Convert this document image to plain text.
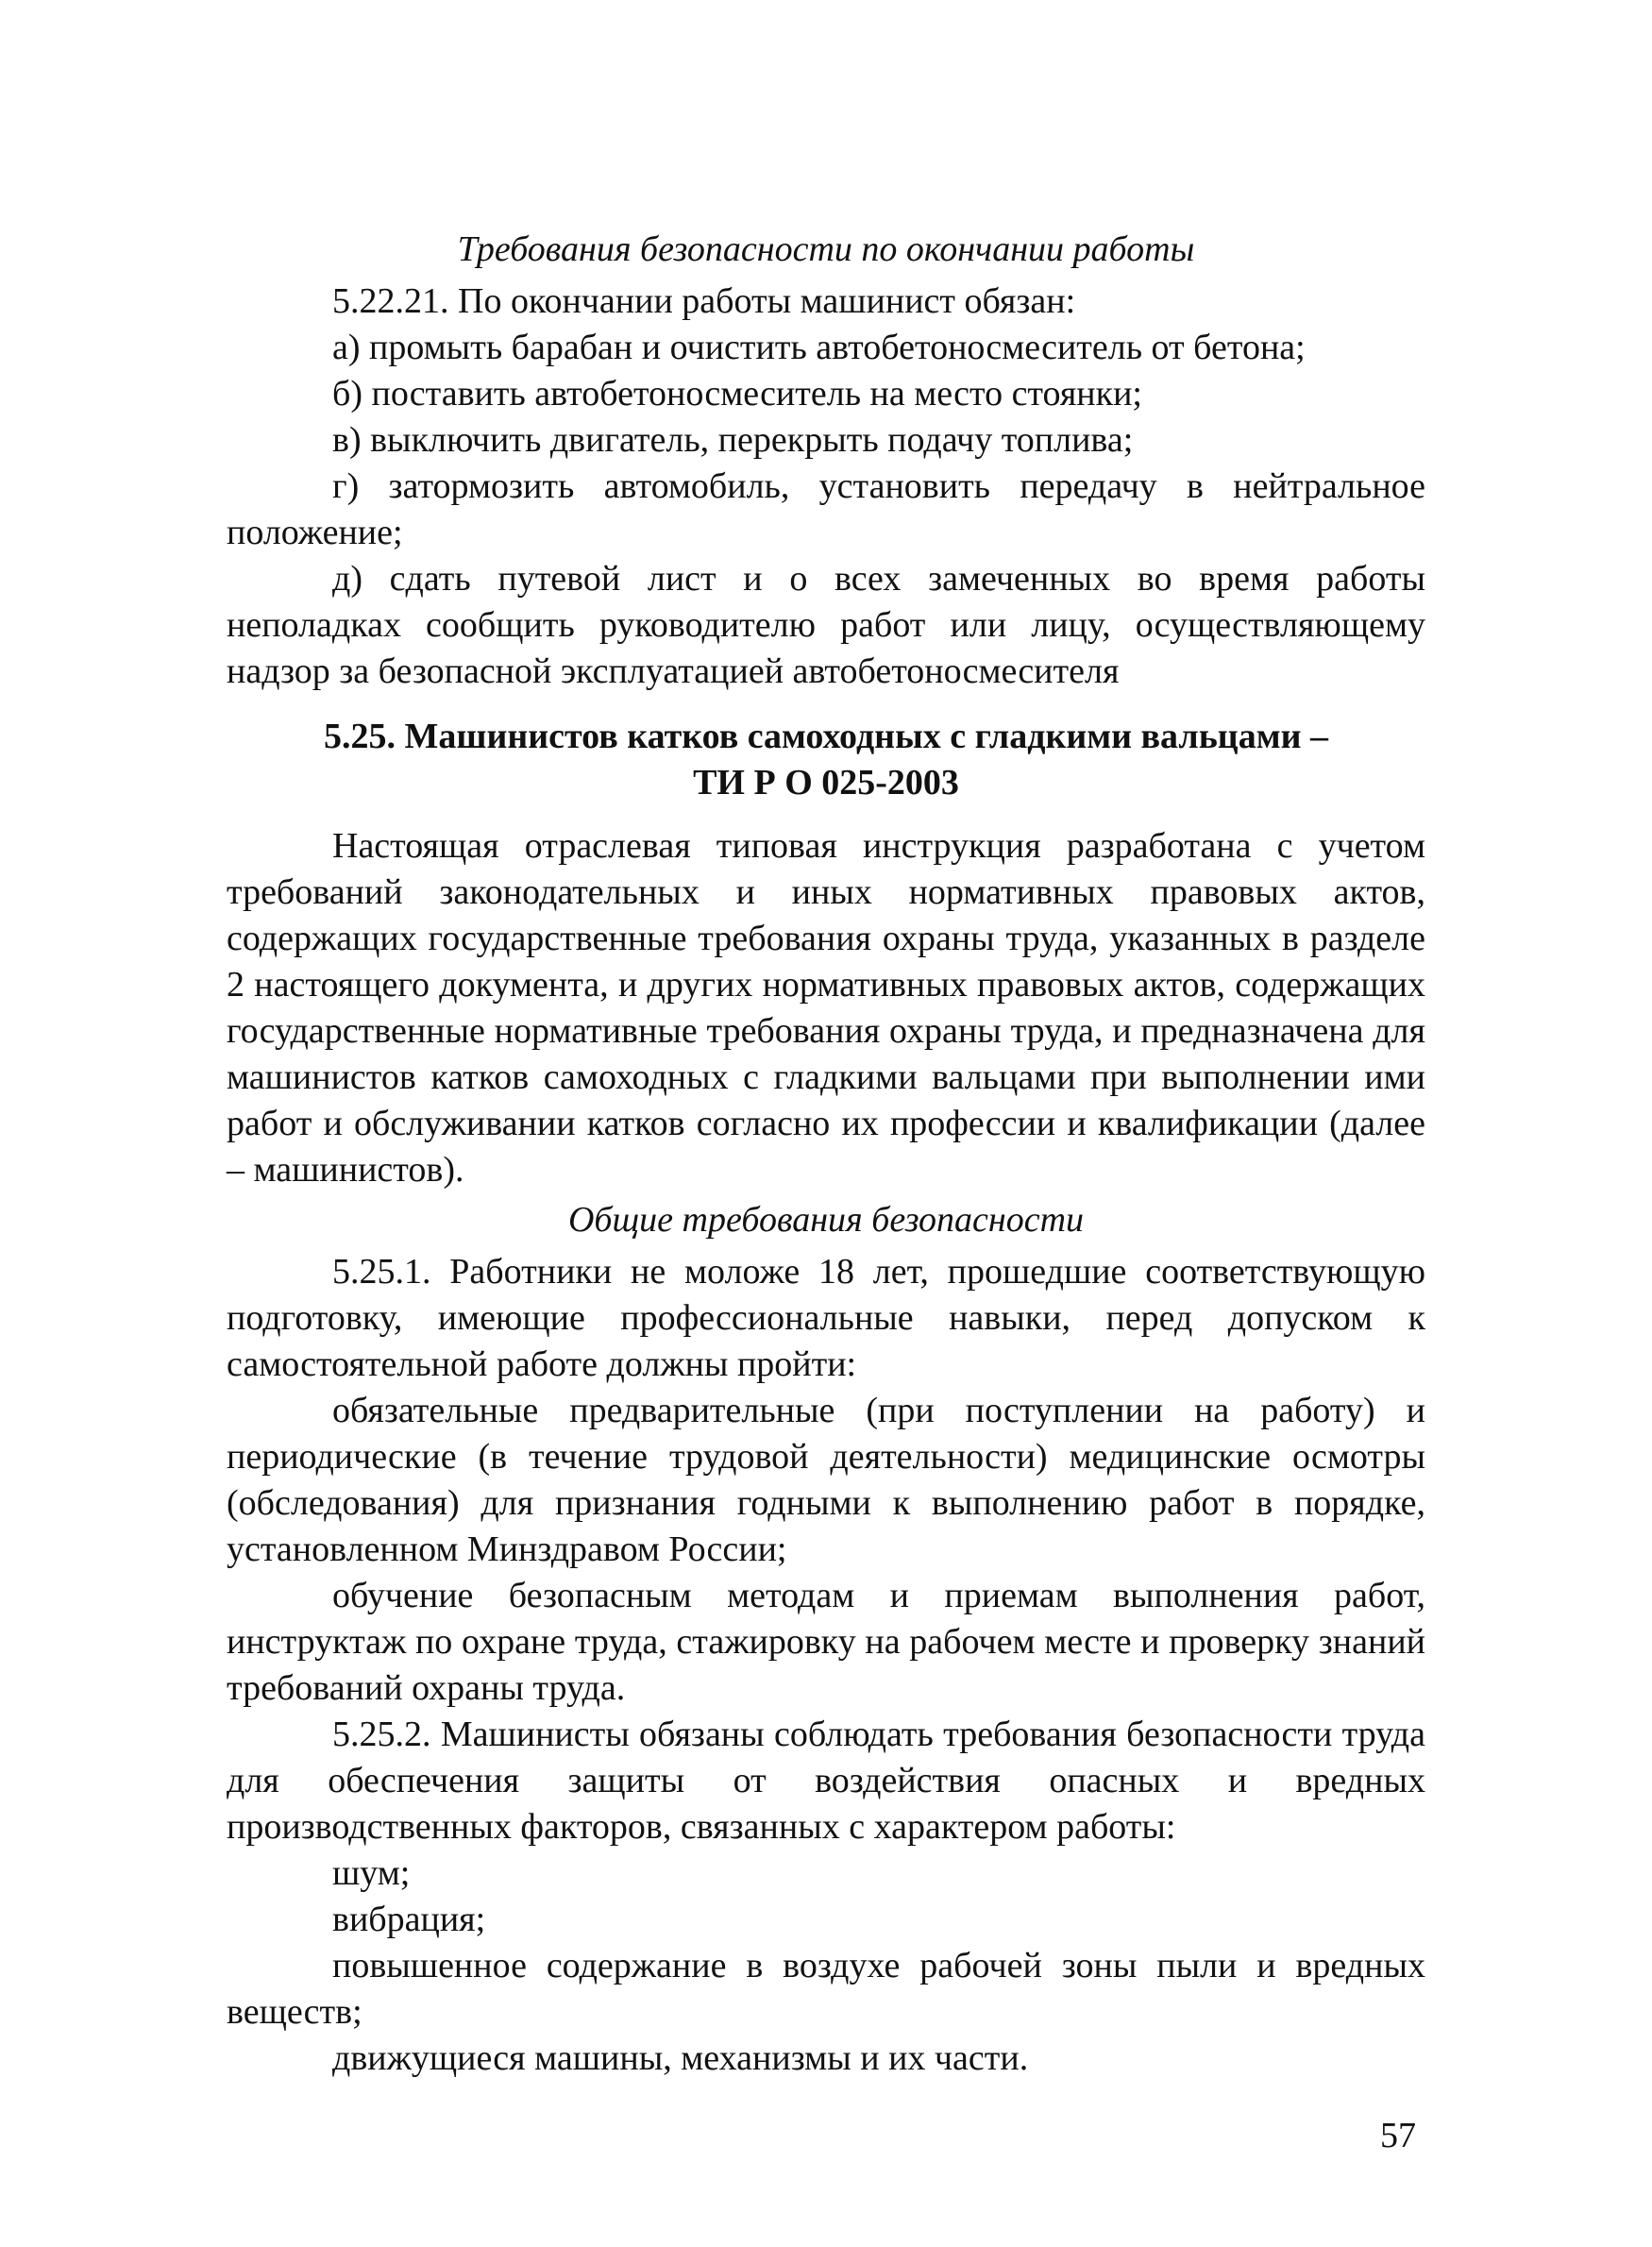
Требования безопасности по окончании работы

5.22.21. По окончании работы машинист обязан:

а) промыть барабан и очистить автобетоносмеситель от бетона;

б) поставить автобетоносмеситель на место стоянки;

в) выключить двигатель, перекрыть подачу топлива;

г) затормозить автомобиль, установить передачу в нейтральное положение;

д) сдать путевой лист и о всех замеченных во время работы неполадках сообщить руководителю работ или лицу, осуществляющему надзор за безопасной эксплуатацией автобетоносмесителя

5.25. Машинистов катков самоходных с гладкими вальцами –
ТИ Р О 025-2003

Настоящая отраслевая типовая инструкция разработана с учетом требований законодательных и иных нормативных правовых актов, содержащих государственные требования охраны труда, указанных в разделе 2 настоящего документа, и других нормативных правовых актов, содержащих государственные нормативные требования охраны труда, и предназначена для машинистов катков самоходных с гладкими вальцами при выполнении ими работ и обслуживании катков согласно их профессии и квалификации (далее – машинистов).

Общие требования безопасности

5.25.1. Работники не моложе 18 лет, прошедшие соответствующую подготовку, имеющие профессиональные навыки, перед допуском к самостоятельной работе должны пройти:

обязательные предварительные (при поступлении на работу) и периодические (в течение трудовой деятельности) медицинские осмотры (обследования) для признания годными к выполнению работ в порядке, установленном Минздравом России;

обучение безопасным методам и приемам выполнения работ, инструктаж по охране труда, стажировку на рабочем месте и проверку знаний требований охраны труда.

5.25.2. Машинисты обязаны соблюдать требования безопасности труда для обеспечения защиты от воздействия опасных и вредных производственных факторов, связанных с характером работы:

шум;

вибрация;

повышенное содержание в воздухе рабочей зоны пыли и вредных веществ;

движущиеся машины, механизмы и их части.

57
